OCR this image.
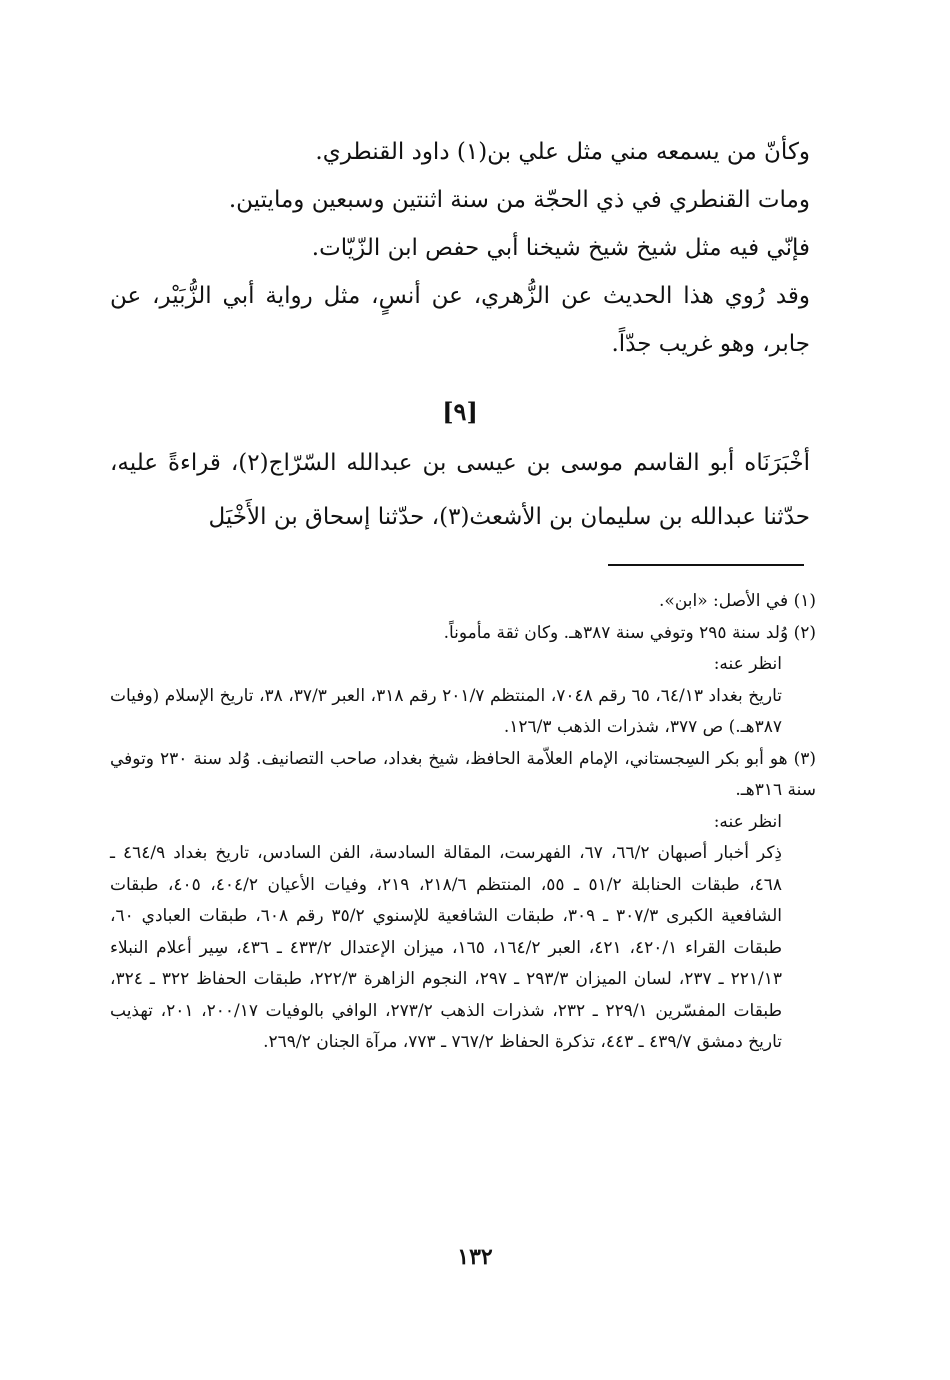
وكأنّ من يسمعه مني مثل علي بن(١) داود القنطري.

ومات القنطري في ذي الحجّة من سنة اثنتين وسبعين ومايتين.

فإنّي فيه مثل شيخ شيخ شيخنا أبي حفص ابن الزّيّات.

وقد رُوي هذا الحديث عن الزُّهري، عن أنسٍ، مثل رواية أبي الزُّبَيْر، عن جابر، وهو غريب جدّاً.

[٩]

أخْبَرَنَاه أبو القاسم موسى بن عيسى بن عبدالله السّرّاج(٢)، قراءةً عليه، حدّثنا عبدالله بن سليمان بن الأشعث(٣)، حدّثنا إسحاق بن الأَخْيَل

(١) في الأصل: «ابن».

(٢) وُلد سنة ٢٩٥ وتوفي سنة ٣٨٧هـ. وكان ثقة مأموناً.

انظر عنه:

تاريخ بغداد ٦٤/١٣، ٦٥ رقم ٧٠٤٨، المنتظم ٢٠١/٧ رقم ٣١٨، العبر ٣٧/٣، ٣٨، تاريخ الإسلام (وفيات ٣٨٧هـ.) ص ٣٧٧، شذرات الذهب ١٢٦/٣.

(٣) هو أبو بكر السِجستاني، الإمام العلاّمة الحافظ، شيخ بغداد، صاحب التصانيف. وُلد سنة ٢٣٠ وتوفي سنة ٣١٦هـ.

انظر عنه:

ذِكر أخبار أصبهان ٦٦/٢، ٦٧، الفهرست، المقالة السادسة، الفن السادس، تاريخ بغداد ٤٦٤/٩ ـ ٤٦٨، طبقات الحنابلة ٥١/٢ ـ ٥٥، المنتظم ٢١٨/٦، ٢١٩، وفيات الأعيان ٤٠٤/٢، ٤٠٥، طبقات الشافعية الكبرى ٣٠٧/٣ ـ ٣٠٩، طبقات الشافعية للإسنوي ٣٥/٢ رقم ٦٠٨، طبقات العبادي ٦٠، طبقات القراء ٤٢٠/١، ٤٢١، العبر ١٦٤/٢، ١٦٥، ميزان الإعتدال ٤٣٣/٢ ـ ٤٣٦، سِير أعلام النبلاء ٢٢١/١٣ ـ ٢٣٧، لسان الميزان ٢٩٣/٣ ـ ٢٩٧، النجوم الزاهرة ٢٢٢/٣، طبقات الحفاظ ٣٢٢ ـ ٣٢٤، طبقات المفسّرين ٢٢٩/١ ـ ٢٣٢، شذرات الذهب ٢٧٣/٢، الوافي بالوفيات ٢٠٠/١٧، ٢٠١، تهذيب تاريخ دمشق ٤٣٩/٧ ـ ٤٤٣، تذكرة الحفاظ ٧٦٧/٢ ـ ٧٧٣، مرآة الجنان ٢٦٩/٢.

١٣٢
